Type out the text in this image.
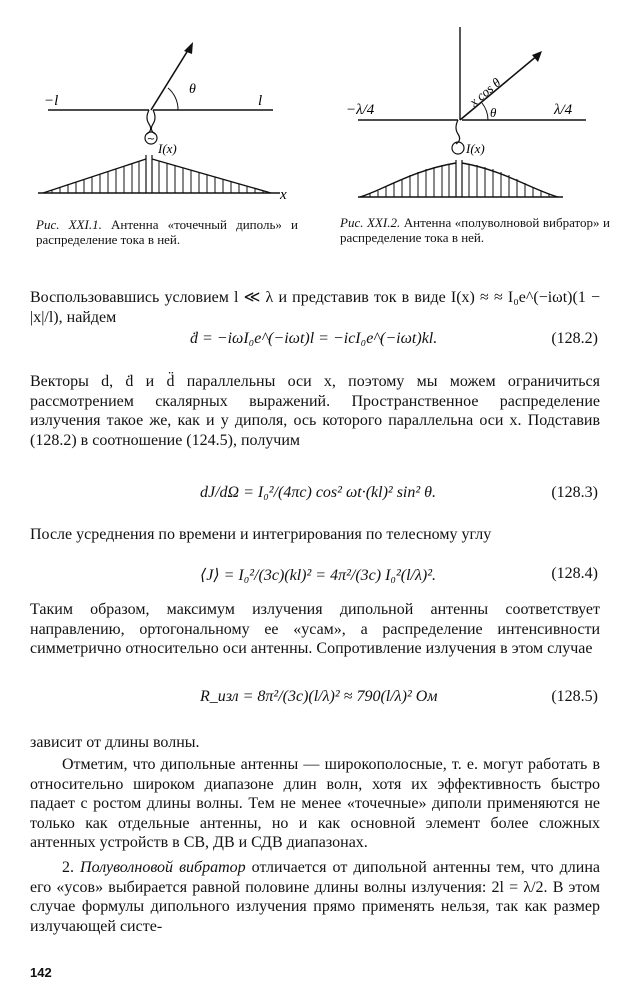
~
−l	l
θ
I(x)
x
Рис. XXI.1. Антенна «точечный диполь» и распределение тока в ней.
−λ/4	λ/4
θ
x cos θ
I(x)
Рис. XXI.2. Антенна «полуволновой вибратор» и распределение тока в ней.
Воспользовавшись условием l ≪ λ и представив ток в виде I(x) ≈ ≈ I₀e^(−iωt)(1 − |x|/l), найдем
ḋ = −iωI₀e^(−iωt)l = −icI₀e^(−iωt)kl.	(128.2)
Векторы d, ḋ и d̈ параллельны оси x, поэтому мы можем ограничиться рассмотрением скалярных выражений. Пространственное распределение излучения такое же, как и у диполя, ось которого параллельна оси x. Подставив (128.2) в соотношение (124.5), получим
dJ/dΩ = I₀²/(4πc) cos² ωt·(kl)² sin² θ.	(128.3)
После усреднения по времени и интегрирования по телесному углу
⟨J⟩ = I₀²/(3c)(kl)² = 4π²/(3c) I₀²(l/λ)².	(128.4)
Таким образом, максимум излучения дипольной антенны соответствует направлению, ортогональному ее «усам», а распределение интенсивности симметрично относительно оси антенны. Сопротивление излучения в этом случае
R_изл = 8π²/(3c)(l/λ)² ≈ 790(l/λ)² Ом	(128.5)
зависит от длины волны.
Отметим, что дипольные антенны — широкополосные, т. е. могут работать в относительно широком диапазоне длин волн, хотя их эффективность быстро падает с ростом длины волны. Тем не менее «точечные» диполи применяются не только как отдельные антенны, но и как основной элемент более сложных антенных устройств в СВ, ДВ и СДВ диапазонах.
2. Полуволновой вибратор отличается от дипольной антенны тем, что длина его «усов» выбирается равной половине длины волны излучения: 2l = λ/2. В этом случае формулы дипольного излучения прямо применять нельзя, так как размер излучающей систе-
142
